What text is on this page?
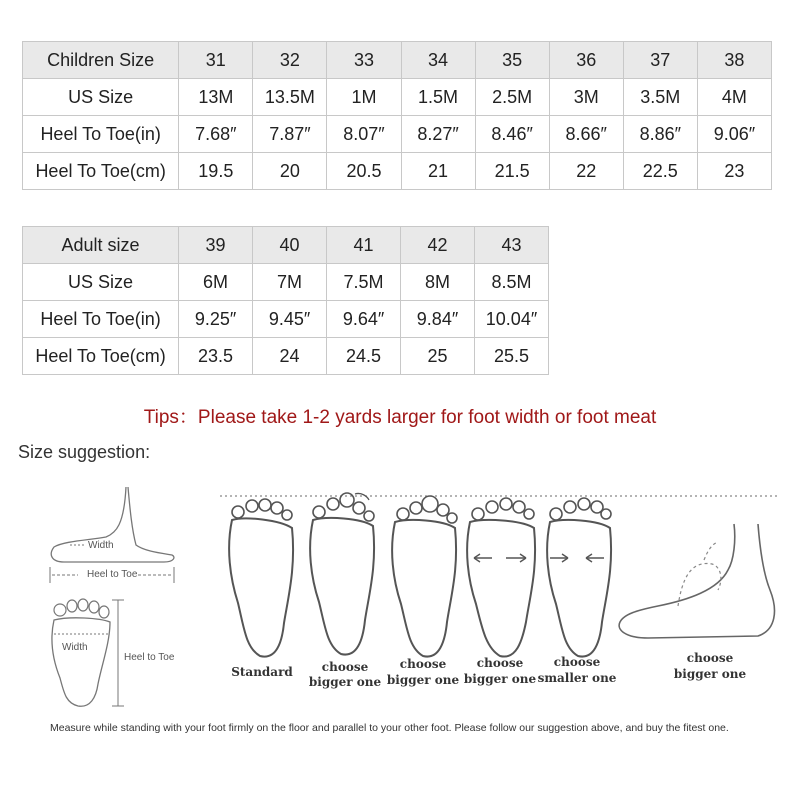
Children Size	31	32	33	34	35	36	37	38
US Size	13M	13.5M	1M	1.5M	2.5M	3M	3.5M	4M
Heel To Toe(in)	7.68″	7.87″	8.07″	8.27″	8.46″	8.66″	8.86″	9.06″
Heel To Toe(cm)	19.5	20	20.5	21	21.5	22	22.5	23
Adult size	39	40	41	42	43
US Size	6M	7M	7.5M	8M	8.5M
Heel To Toe(in)	9.25″	9.45″	9.64″	9.84″	10.04″
Heel To Toe(cm)	23.5	24	24.5	25	25.5
Tips：Please take 1-2 yards larger for foot width or foot meat
Size suggestion:
Width
Heel to Toe
Width
Heel to Toe
Standard	choose
bigger one
choose
bigger one
choose
bigger one
choose
smaller one
choose
bigger one
Measure while standing with your foot firmly on the floor and parallel to your other foot. Please follow our suggestion above, and buy the fitest one.
